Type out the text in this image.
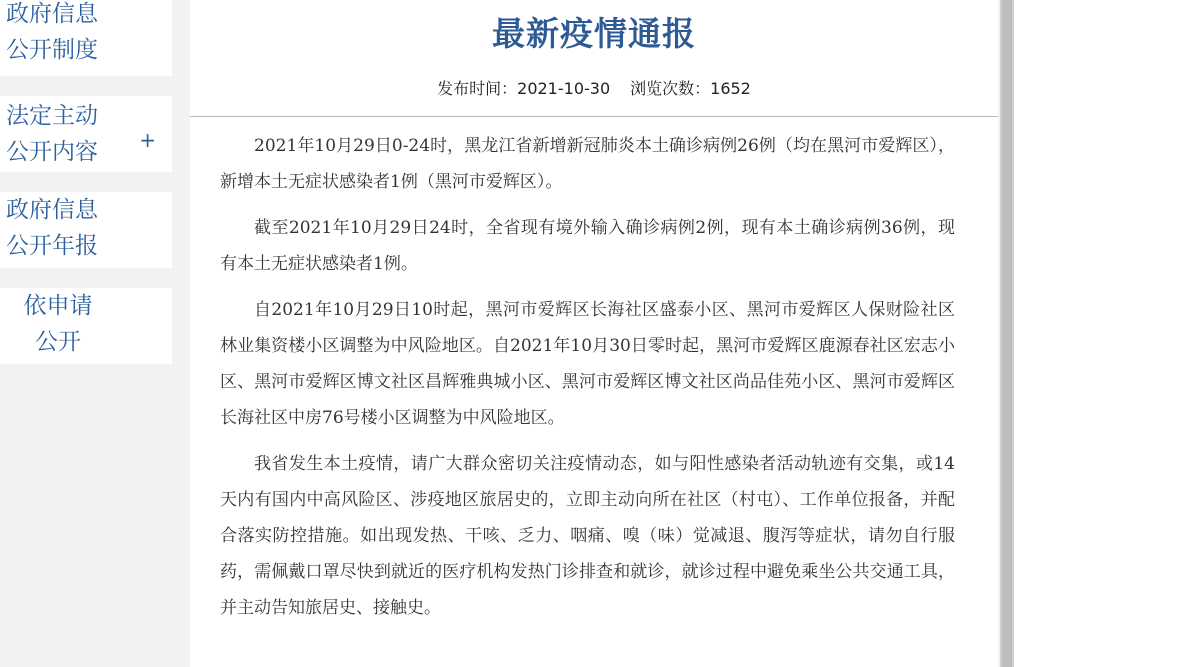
政府信息公开制度
法定主动公开内容	+
政府信息公开年报
依申请公开
最新疫情通报
发布时间：2021-10-30 浏览次数：1652

2021年10月29日0-24时，黑龙江省新增新冠肺炎本土确诊病例26例（均在黑河市爱辉区），新增本土无症状感染者1例（黑河市爱辉区）。

截至2021年10月29日24时，全省现有境外输入确诊病例2例，现有本土确诊病例36例，现有本土无症状感染者1例。

自2021年10月29日10时起，黑河市爱辉区长海社区盛泰小区、黑河市爱辉区人保财险社区林业集资楼小区调整为中风险地区。自2021年10月30日零时起，黑河市爱辉区鹿源春社区宏志小区、黑河市爱辉区博文社区昌辉雅典城小区、黑河市爱辉区博文社区尚品佳苑小区、黑河市爱辉区长海社区中房76号楼小区调整为中风险地区。

我省发生本土疫情，请广大群众密切关注疫情动态，如与阳性感染者活动轨迹有交集，或14天内有国内中高风险区、涉疫地区旅居史的，立即主动向所在社区（村屯）、工作单位报备，并配合落实防控措施。如出现发热、干咳、乏力、咽痛、嗅（味）觉减退、腹泻等症状，请勿自行服药，需佩戴口罩尽快到就近的医疗机构发热门诊排查和就诊，就诊过程中避免乘坐公共交通工具，并主动告知旅居史、接触史。
